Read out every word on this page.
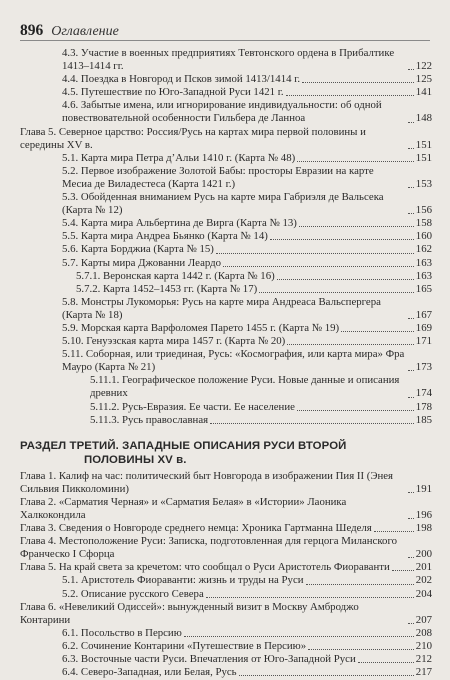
896 Оглавление
4.3. Участие в военных предприятиях Тевтонского ордена в Прибалтике 1413–1414 гг.	122
4.4. Поездка в Новгород и Псков зимой 1413/1414 г.	125
4.5. Путешествие по Юго-Западной Руси 1421 г.	141
4.6. Забытые имена, или игнорирование индивидуальности: об одной повествовательной особенности Гильбера де Ланноа	148
Глава 5. Северное царство: Россия/Русь на картах мира первой половины и середины XV в.	151
5.1. Карта мира Петра д’Альи 1410 г. (Карта № 48)	151
5.2. Первое изображение Золотой Бабы: просторы Евразии на карте Месиа де Виладестеса (Карта 1421 г.)	153
5.3. Обойденная вниманием Русь на карте мира Габриэля де Вальсека (Карта № 12)	156
5.4. Карта мира Альбертина де Вирга (Карта № 13)	158
5.5. Карта мира Андреа Бьянко (Карта № 14)	160
5.6. Карта Борджиа (Карта № 15)	162
5.7. Карты мира Джованни Леардо	163
5.7.1. Веронская карта 1442 г. (Карта № 16)	163
5.7.2. Карта 1452–1453 гг. (Карта № 17)	165
5.8. Монстры Лукоморья: Русь на карте мира Андреаса Вальспергера (Карта № 18)	167
5.9. Морская карта Варфоломея Парето 1455 г. (Карта № 19)	169
5.10. Генуэзская карта мира 1457 г. (Карта № 20)	171
5.11. Соборная, или триединая, Русь: «Космография, или карта мира» Фра Мауро (Карта № 21)	173
5.11.1. Географическое положение Руси. Новые данные и описания древних	174
5.11.2. Русь-Евразия. Ее части. Ее население	178
5.11.3. Русь православная	185
РАЗДЕЛ ТРЕТИЙ. ЗАПАДНЫЕ ОПИСАНИЯ РУСИ ВТОРОЙ
ПОЛОВИНЫ XV в.
Глава 1. Калиф на час: политический быт Новгорода в изображении Пия II (Энея Сильвия Пикколомини)	191
Глава 2. «Сарматия Черная» и «Сарматия Белая» в «Истории» Лаоника Халкокондила	196
Глава 3. Сведения о Новгороде среднего немца: Хроника Гартманна Шеделя	198
Глава 4. Местоположение Руси: Записка, подготовленная для герцога Миланского Франческо I Сфорца	200
Глава 5. На край света за кречетом: что сообщал о Руси Аристотель Фиораванти 201
5.1. Аристотель Фиораванти: жизнь и труды на Руси	202
5.2. Описание русского Севера	204
Глава 6. «Невеликий Одиссей»: вынужденный визит в Москву Амброджо Контарини	207
6.1. Посольство в Персию	208
6.2. Сочинение Контарини «Путешествие в Персию»	210
6.3. Восточные части Руси. Впечатления от Юго-Западной Руси	212
6.4. Северо-Западная, или Белая, Русь	217
